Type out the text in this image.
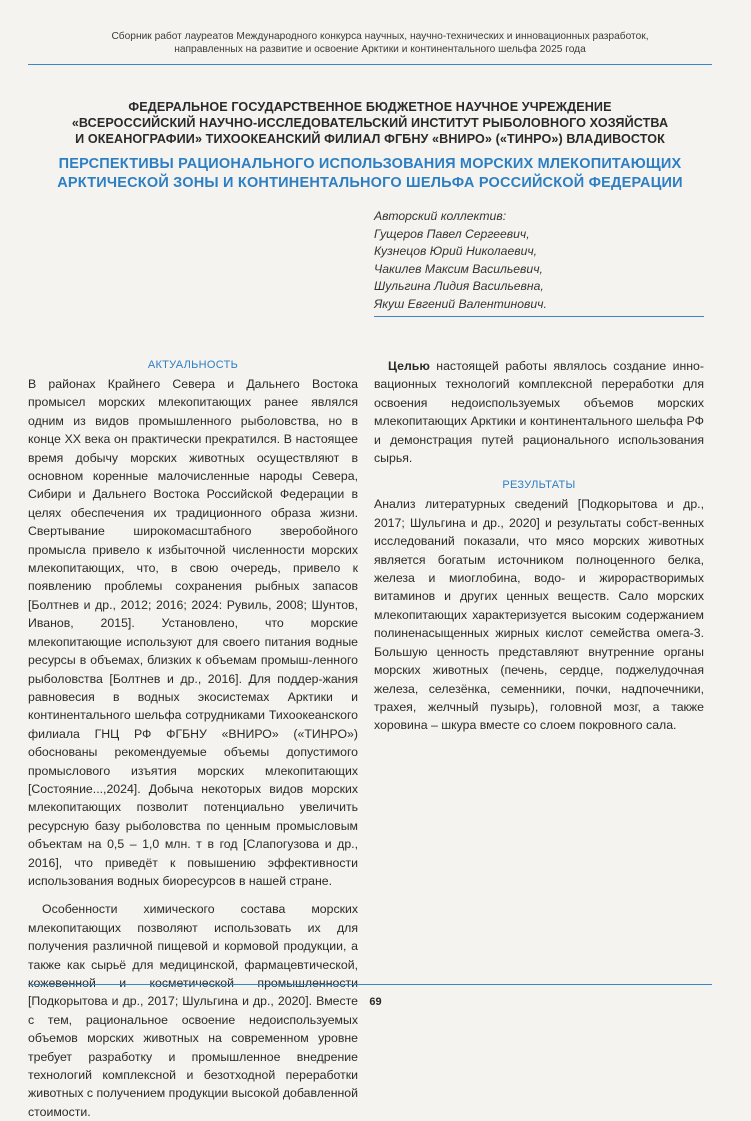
Сборник работ лауреатов Международного конкурса научных, научно-технических и инновационных разработок,
направленных на развитие и освоение Арктики и континентального шельфа 2025 года
ФЕДЕРАЛЬНОЕ ГОСУДАРСТВЕННОЕ БЮДЖЕТНОЕ НАУЧНОЕ УЧРЕЖДЕНИЕ
«ВСЕРОССИЙСКИЙ НАУЧНО-ИССЛЕДОВАТЕЛЬСКИЙ ИНСТИТУТ РЫБОЛОВНОГО ХОЗЯЙСТВА
И ОКЕАНОГРАФИИ» ТИХООКЕАНСКИЙ ФИЛИАЛ ФГБНУ «ВНИРО» («ТИНРО») ВЛАДИВОСТОК
ПЕРСПЕКТИВЫ РАЦИОНАЛЬНОГО ИСПОЛЬЗОВАНИЯ МОРСКИХ МЛЕКОПИТАЮЩИХ
АРКТИЧЕСКОЙ ЗОНЫ И КОНТИНЕНТАЛЬНОГО ШЕЛЬФА РОССИЙСКОЙ ФЕДЕРАЦИИ
Авторский коллектив:
Гущеров Павел Сергеевич,
Кузнецов Юрий Николаевич,
Чакилев Максим Васильевич,
Шульгина Лидия Васильевна,
Якуш Евгений Валентинович.
АКТУАЛЬНОСТЬ

В районах Крайнего Севера и Дальнего Востока промысел морских млекопитающих ранее являлся одним из видов промышленного рыболовства, но в конце XX века он практически прекратился. В настоящее время добычу морских животных осуществляют в основном коренные малочисленные народы Севера, Сибири и Дальнего Востока Российской Федерации в целях обеспечения их традиционного образа жизни. Свертывание широкомасштабного зверобойного промысла привело к избыточной численности морских млекопитающих, что, в свою очередь, привело к появлению проблемы сохранения рыбных запасов [Болтнев и др., 2012; 2016; 2024: Рувиль, 2008; Шунтов, Иванов, 2015]. Установлено, что морские млекопитающие используют для своего питания водные ресурсы в объемах, близких к объемам промыш-ленного рыболовства [Болтнев и др., 2016]. Для поддер-жания равновесия в водных экосистемах Арктики и континентального шельфа сотрудниками Тихоокеанского филиала ГНЦ РФ ФГБНУ «ВНИРО» («ТИНРО») обоснованы рекомендуемые объемы допустимого промыслового изъятия морских млекопитающих [Состояние...,2024]. Добыча некоторых видов морских млекопитающих позволит потенциально увеличить ресурсную базу рыболовства по ценным промысловым объектам на 0,5 – 1,0 млн. т в год [Слапогузова и др., 2016], что приведёт к повышению эффективности использования водных биоресурсов в нашей стране.

Особенности химического состава морских млекопитающих позволяют использовать их для получения различной пищевой и кормовой продукции, а также как сырьё для медицинской, фармацевтической, кожевенной и косметической промышленности [Подкорытова и др., 2017; Шульгина и др., 2020]. Вместе с тем, рациональное освоение недоиспользуемых объемов морских животных на современном уровне требует разработку и промышленное внедрение технологий комплексной и безотходной переработки животных с получением продукции высокой добавленной стоимости.

Целью настоящей работы являлось создание инно-вационных технологий комплексной переработки для освоения недоиспользуемых объемов морских млекопитающих Арктики и континентального шельфа РФ и демонстрация путей рационального использования сырья.

РЕЗУЛЬТАТЫ

Анализ литературных сведений [Подкорытова и др., 2017; Шульгина и др., 2020] и результаты собст-венных исследований показали, что мясо морских животных является богатым источником полноценного белка, железа и миоглобина, водо- и жирорастворимых витаминов и других ценных веществ. Сало морских млекопитающих характеризуется высоким содержанием полиненасыщенных жирных кислот семейства омега-3. Большую ценность представляют внутренние органы морских животных (печень, сердце, поджелудочная железа, селезёнка, семенники, почки, надпочечники, трахея, желчный пузырь), головной мозг, а также хоровина – шкура вместе со слоем покровного сала.

69
